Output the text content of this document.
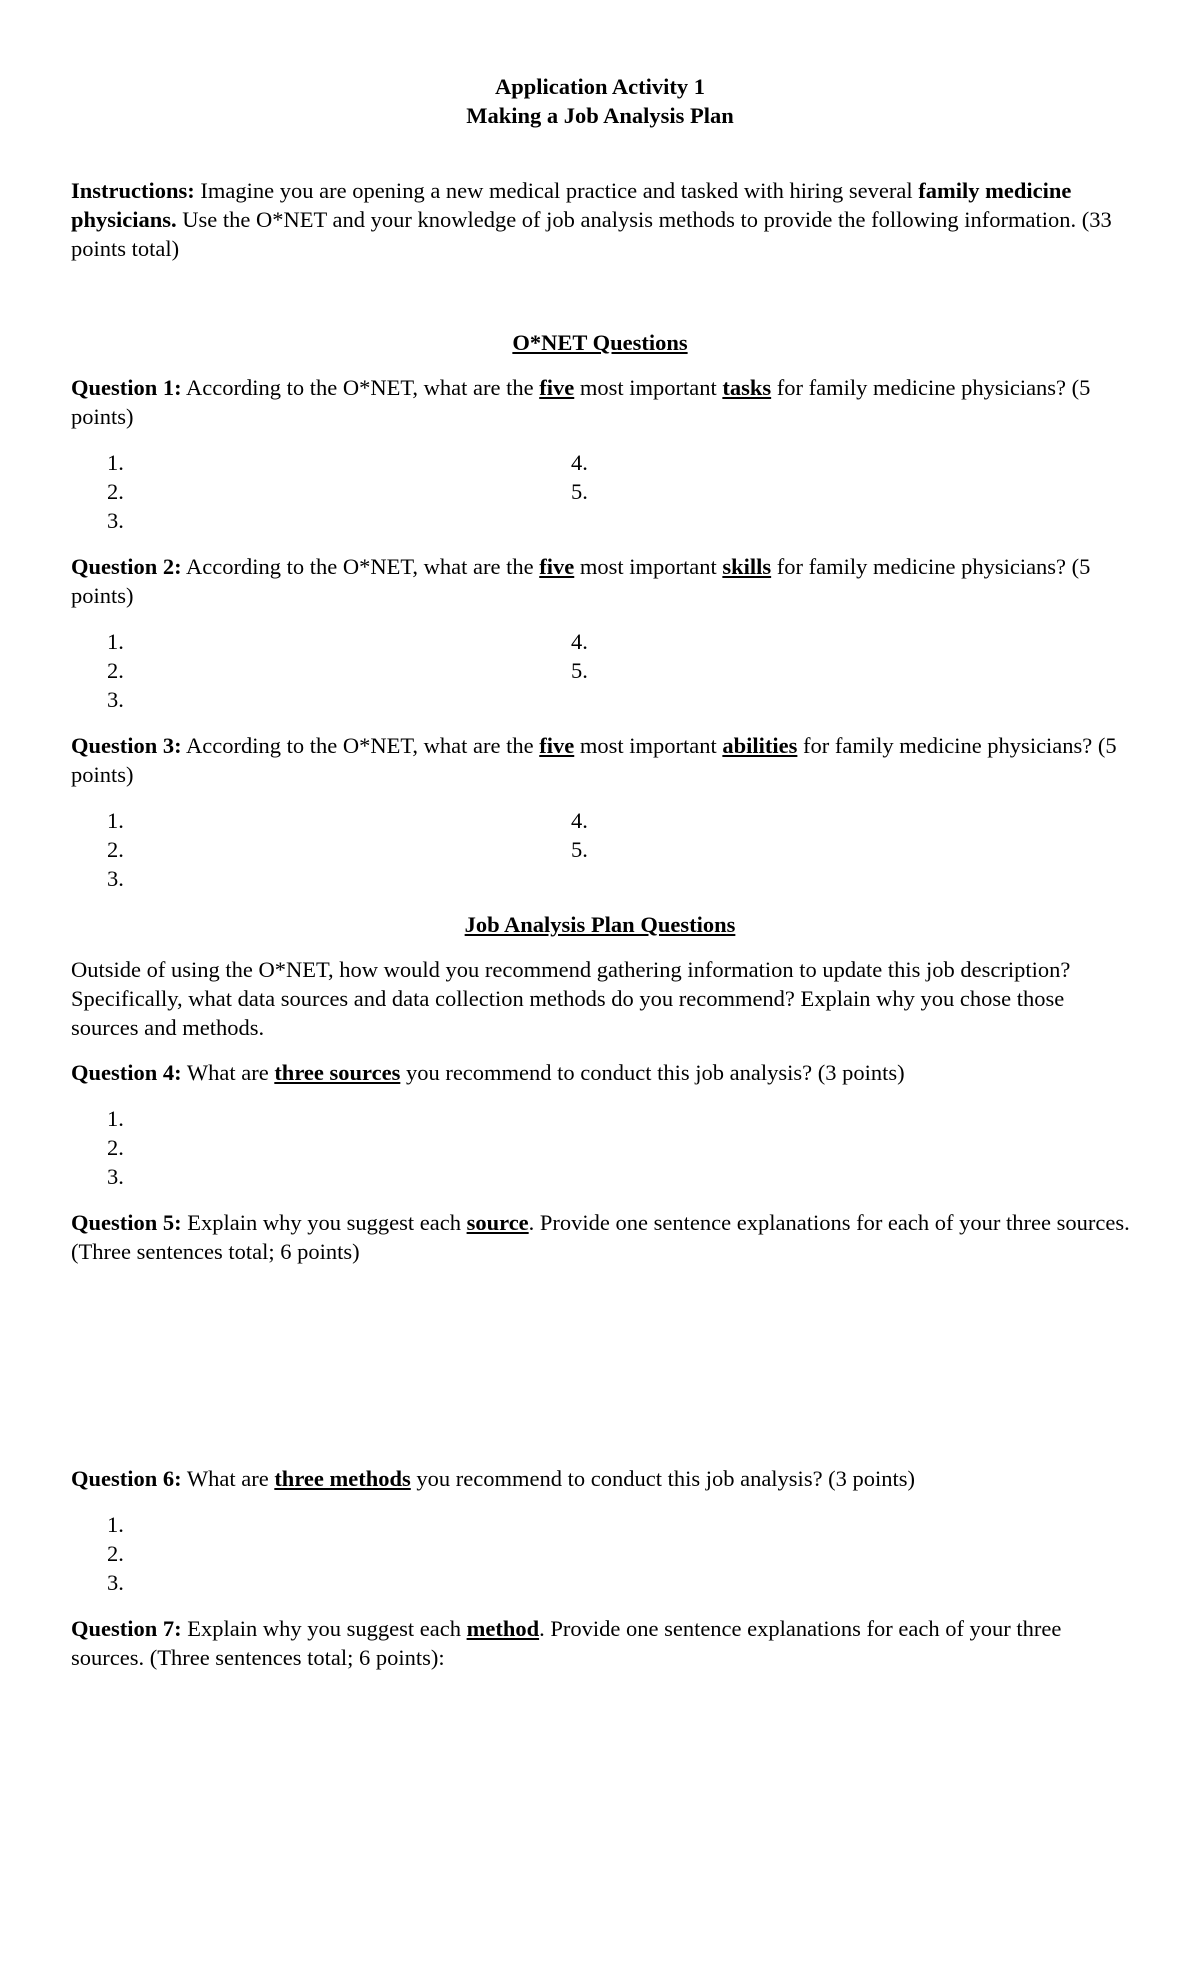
Application Activity 1
Making a Job Analysis Plan

Instructions: Imagine you are opening a new medical practice and tasked with hiring several family medicine physicians. Use the O*NET and your knowledge of job analysis methods to provide the following information. (33 points total)

O*NET Questions

Question 1: According to the O*NET, what are the five most important tasks for family medicine physicians? (5 points)

1.
2.
3.
4.
5.

Question 2: According to the O*NET, what are the five most important skills for family medicine physicians? (5 points)

1.
2.
3.
4.
5.

Question 3: According to the O*NET, what are the five most important abilities for family medicine physicians? (5 points)

1.
2.
3.
4.
5.
Job Analysis Plan Questions

Outside of using the O*NET, how would you recommend gathering information to update this job description? Specifically, what data sources and data collection methods do you recommend? Explain why you chose those sources and methods.

Question 4: What are three sources you recommend to conduct this job analysis? (3 points)

1.
2.
3.

Question 5: Explain why you suggest each source. Provide one sentence explanations for each of your three sources. (Three sentences total; 6 points)

Question 6: What are three methods you recommend to conduct this job analysis? (3 points)

1.
2.
3.

Question 7: Explain why you suggest each method. Provide one sentence explanations for each of your three sources. (Three sentences total; 6 points):
